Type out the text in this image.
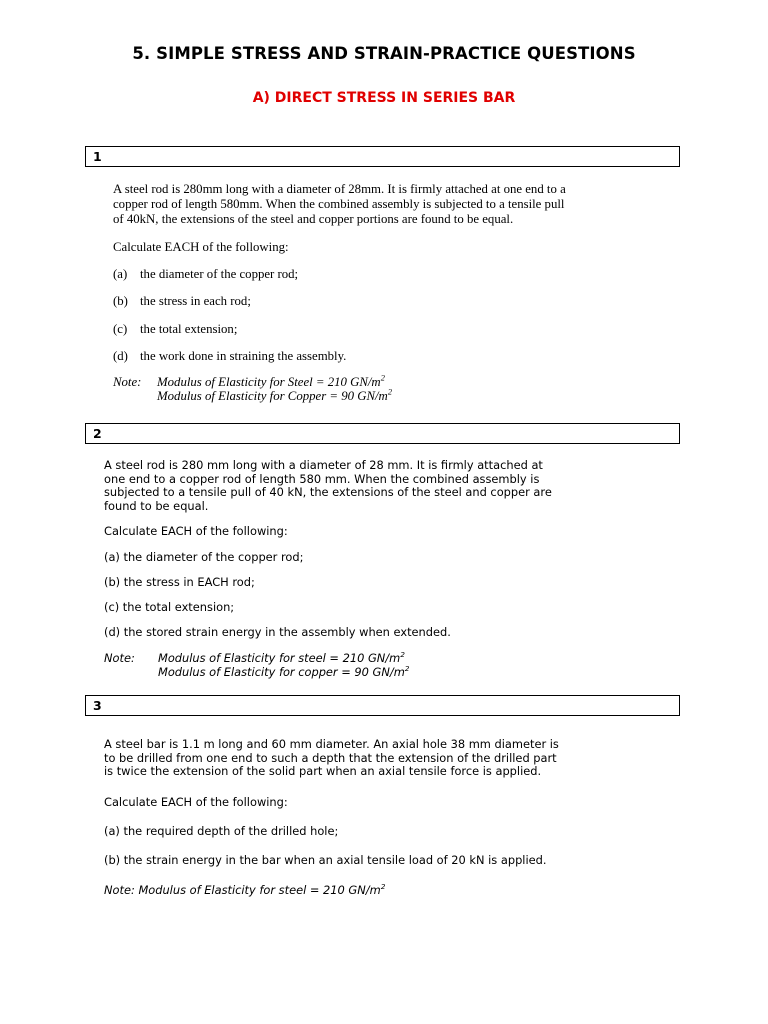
5. SIMPLE STRESS AND STRAIN-PRACTICE QUESTIONS
A) DIRECT STRESS IN SERIES BAR
1

A steel rod is 280mm long with a diameter of 28mm. It is firmly attached at one end to a
copper rod of length 580mm. When the combined assembly is subjected to a tensile pull
of 40kN, the extensions of the steel and copper portions are found to be equal.

Calculate EACH of the following:
(a) the diameter of the copper rod;
(b) the stress in each rod;
(c) the total extension;
(d) the work done in straining the assembly.
Note: Modulus of Elasticity for Steel = 210 $GN/m^2$
Modulus of Elasticity for Copper = 90 $GN/m^2$
2

A steel rod is 280 mm long with a diameter of 28 mm. It is firmly attached at
one end to a copper rod of length 580 mm. When the combined assembly is
subjected to a tensile pull of 40 kN, the extensions of the steel and copper are
found to be equal.

Calculate EACH of the following:
(a) the diameter of the copper rod;
(b) the stress in EACH rod;
(c) the total extension;
(d) the stored strain energy in the assembly when extended.
Note: Modulus of Elasticity for steel = 210 $GN/m^2$
Modulus of Elasticity for copper = 90 $GN/m^2$
3

A steel bar is 1.1 m long and 60 mm diameter. An axial hole 38 mm diameter is
to be drilled from one end to such a depth that the extension of the drilled part
is twice the extension of the solid part when an axial tensile force is applied.

Calculate EACH of the following:
(a) the required depth of the drilled hole;
(b) the strain energy in the bar when an axial tensile load of 20 kN is applied.
Note: Modulus of Elasticity for steel = 210 $GN/m^2$
